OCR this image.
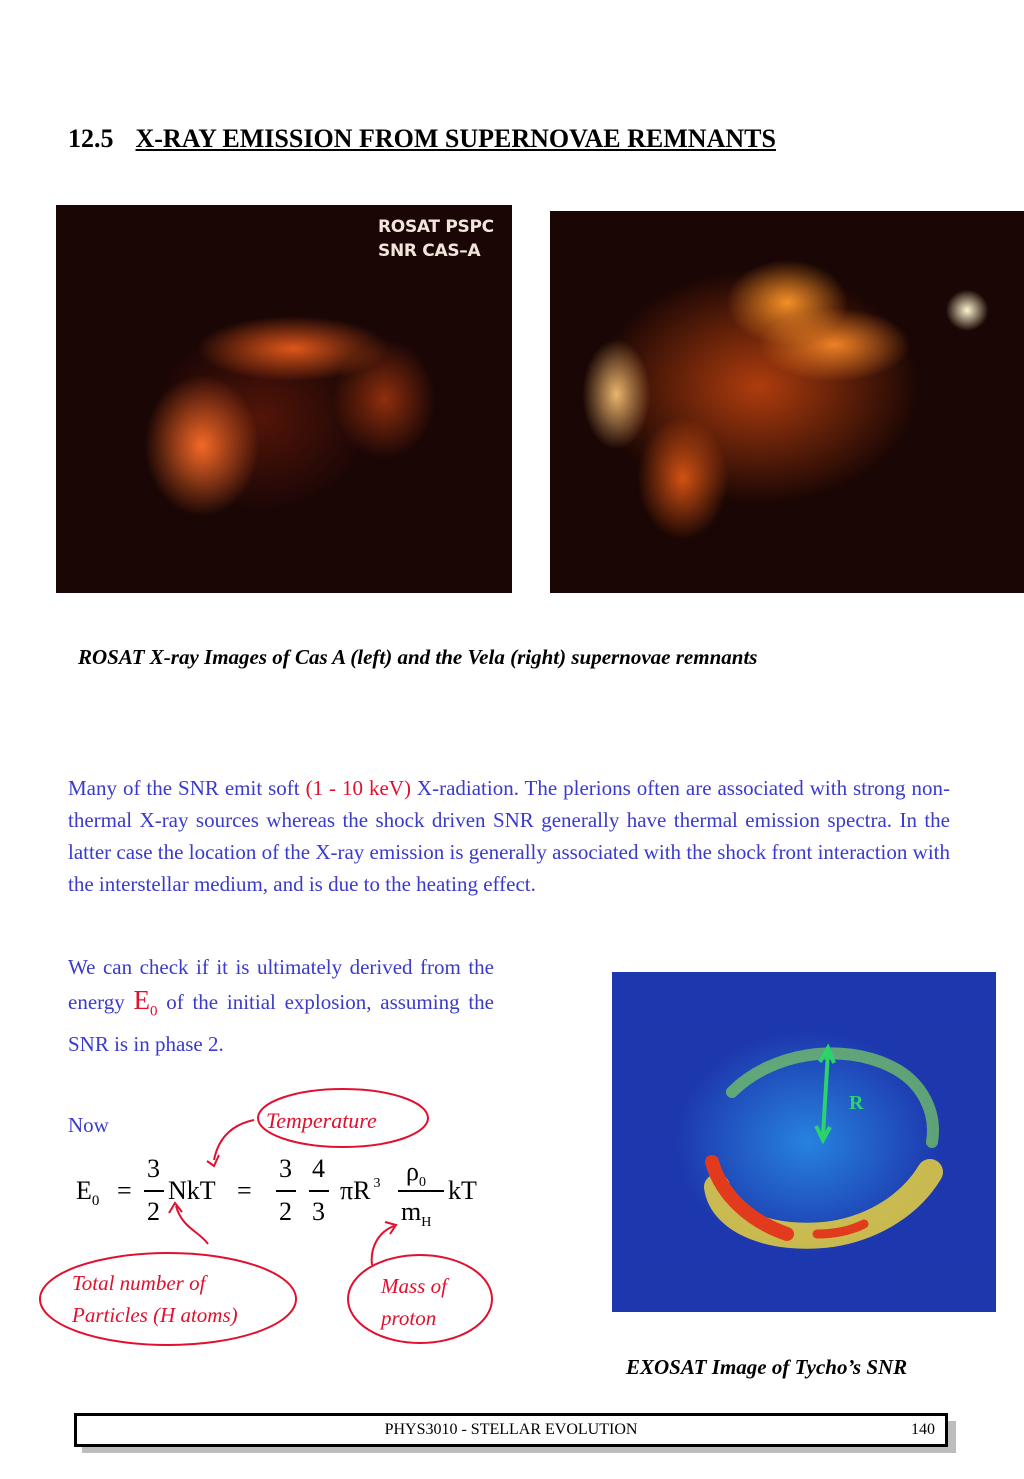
12.5 X-RAY EMISSION FROM SUPERNOVAE REMNANTS
ROSAT PSPC
SNR CAS–A
ROSAT X-ray Images of Cas A (left) and the Vela (right) supernovae remnants
Many of the SNR emit soft (1 - 10 keV) X-radiation. The plerions often are associated with strong non-thermal X-ray sources whereas the shock driven SNR generally have thermal emission spectra. In the latter case the location of the X-ray emission is generally associated with the shock front interaction with the interstellar medium, and is due to the heating effect.
We can check if it is ultimately derived from the energy $E_0$ of the initial explosion, assuming the SNR is in phase 2.
Now
$E_0$ =
3
2
NkT =
3
2
4
3
πR $^3$ $\rho_0$
$m_H$
kT
Temperature
Total number of
Particles (H atoms)
Mass of
proton
R
EXOSAT Image of Tycho’s SNR
PHYS3010 - STELLAR EVOLUTION	140
